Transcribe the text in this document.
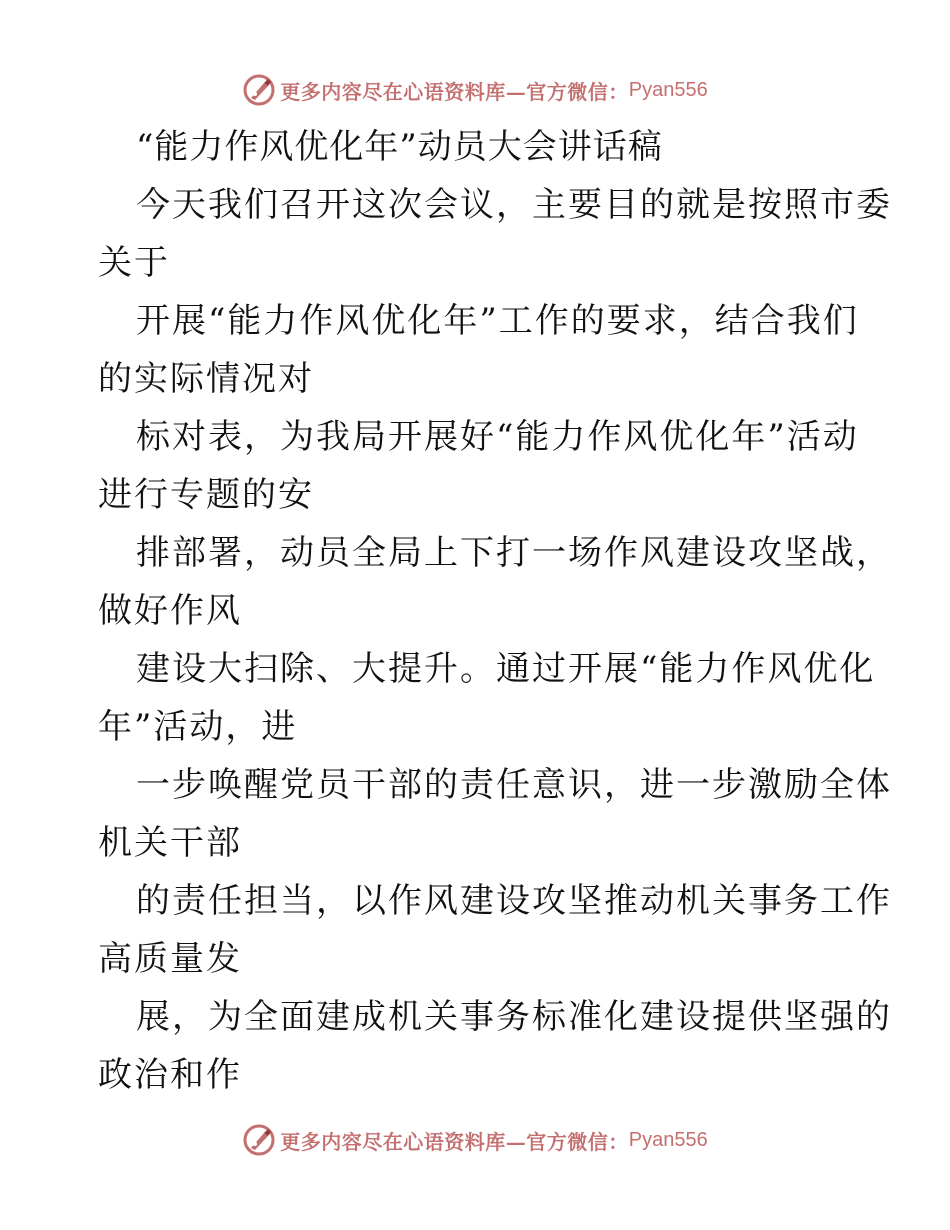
更多内容尽在心语资料库—官方微信： Pyan556
“能力作风优化年”动员大会讲话稿

今天我们召开这次会议，主要目的就是按照市委

关于

开展“能力作风优化年”工作的要求，结合我们

的实际情况对

标对表，为我局开展好“能力作风优化年”活动

进行专题的安

排部署，动员全局上下打一场作风建设攻坚战，

做好作风

建设大扫除、大提升。通过开展“能力作风优化

年”活动，进

一步唤醒党员干部的责任意识，进一步激励全体

机关干部

的责任担当，以作风建设攻坚推动机关事务工作

高质量发

展，为全面建成机关事务标准化建设提供坚强的

政治和作

更多内容尽在心语资料库—官方微信： Pyan556
